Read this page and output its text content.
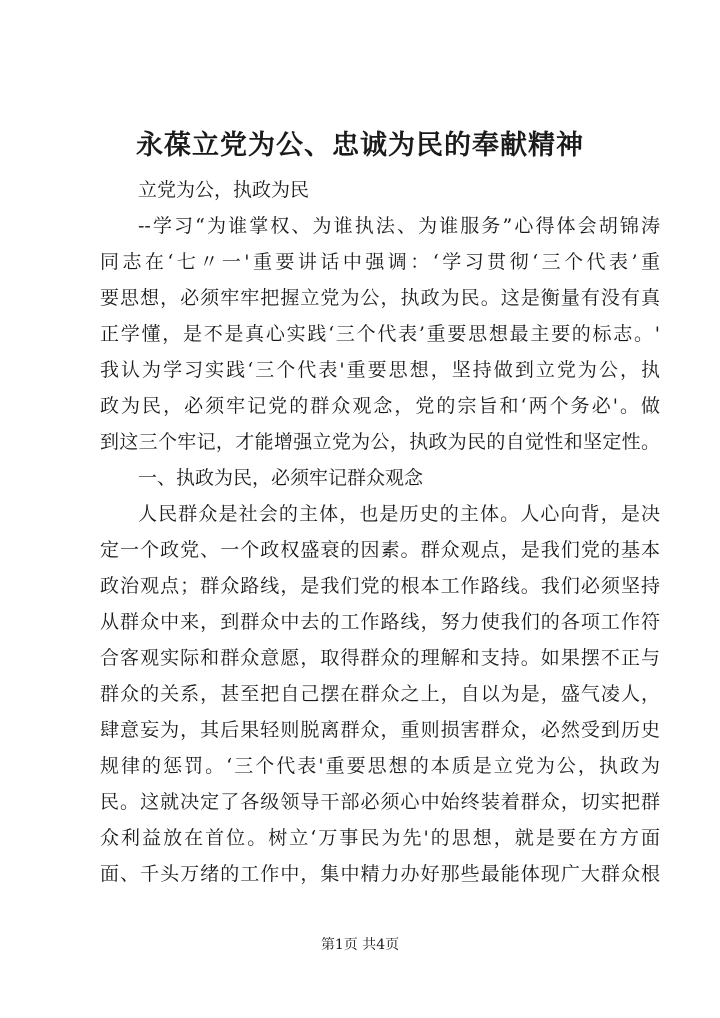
永葆立党为公、忠诚为民的奉献精神

立党为公，执政为民

--学习“为谁掌权、为谁执法、为谁服务”心得体会胡锦涛

同志在‘七〃一'重要讲话中强调：‘学习贯彻‘三个代表’重

要思想，必须牢牢把握立党为公，执政为民。这是衡量有没有真

正学懂，是不是真心实践‘三个代表’重要思想最主要的标志。'

我认为学习实践‘三个代表'重要思想，坚持做到立党为公，执

政为民，必须牢记党的群众观念，党的宗旨和‘两个务必'。做

到这三个牢记，才能增强立党为公，执政为民的自觉性和坚定性。

一、执政为民，必须牢记群众观念

人民群众是社会的主体，也是历史的主体。人心向背，是决

定一个政党、一个政权盛衰的因素。群众观点，是我们党的基本

政治观点；群众路线，是我们党的根本工作路线。我们必须坚持

从群众中来，到群众中去的工作路线，努力使我们的各项工作符

合客观实际和群众意愿，取得群众的理解和支持。如果摆不正与

群众的关系，甚至把自己摆在群众之上，自以为是，盛气凌人，

肆意妄为，其后果轻则脱离群众，重则损害群众，必然受到历史

规律的惩罚。‘三个代表'重要思想的本质是立党为公，执政为

民。这就决定了各级领导干部必须心中始终装着群众，切实把群

众利益放在首位。树立‘万事民为先'的思想，就是要在方方面

面、千头万绪的工作中，集中精力办好那些最能体现广大群众根

第1页 共4页
